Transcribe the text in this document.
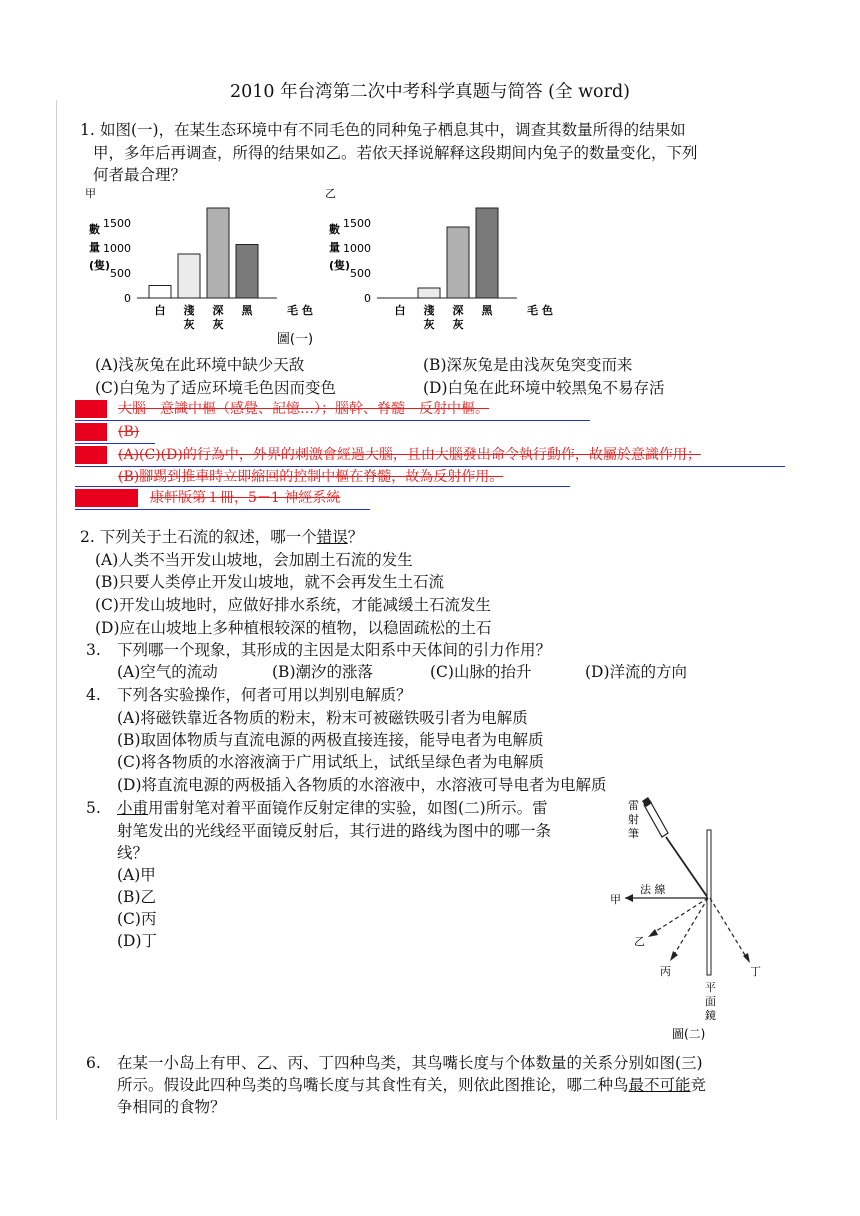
2010 年台湾第二次中考科学真题与简答 (全 word)
1. 如图(一)，在某生态环境中有不同毛色的同种兔子栖息其中，调查其数量所得的结果如
甲，多年后再调查，所得的结果如乙。若依天择说解释这段期间内兔子的数量变化，下列
何者最合理？
甲
數
量
(隻)
0
500
1000
1500
白 淺
灰
深
灰
黑	毛色
乙
數
量
(隻)
0
500
1000
1500
白 淺
灰
深
灰
黑	毛色
圖(一)
(A)浅灰兔在此环境中缺少天敌	(B)深灰兔是由浅灰兔突变而来
(C)白兔为了适应环境毛色因而变色	(D)白兔在此环境中较黑兔不易存活
大腦　意識中樞（感覺、記憶…）；腦幹、脊髓　反射中樞。
(B)
(A)(C)(D)的行為中，外界的刺激會經過大腦，且由大腦發出命令執行動作，故屬於意識作用；
(B)腳踢到推車時立即縮回的控制中樞在脊髓，故為反射作用。
康軒版第１冊，5－1 神經系統
2. 下列关于土石流的叙述，哪一个错误？
(A)人类不当开发山坡地，会加剧土石流的发生
(B)只要人类停止开发山坡地，就不会再发生土石流
(C)开发山坡地时，应做好排水系统，才能减缓土石流发生
(D)应在山坡地上多种植根较深的植物，以稳固疏松的土石
3. 下列哪一个现象，其形成的主因是太阳系中天体间的引力作用？
(A)空气的流动	(B)潮汐的涨落	(C)山脉的抬升	(D)洋流的方向
4. 下列各实验操作，何者可用以判别电解质？
(A)将磁铁靠近各物质的粉末，粉末可被磁铁吸引者为电解质
(B)取固体物质与直流电源的两极直接连接，能导电者为电解质
(C)将各物质的水溶液滴于广用试纸上，试纸呈绿色者为电解质
(D)将直流电源的两极插入各物质的水溶液中，水溶液可导电者为电解质
5. 小甫用雷射笔对着平面镜作反射定律的实验，如图(二)所示。雷
射笔发出的光线经平面镜反射后，其行进的路线为图中的哪一条
线？
(A)甲
(B)乙
(C)丙
(D)丁
雷
射
筆
法 線
甲
乙
丙	丁
平
面
鏡
圖(二)
6. 在某一小岛上有甲、乙、丙、丁四种鸟类，其鸟嘴长度与个体数量的关系分别如图(三)
所示。假设此四种鸟类的鸟嘴长度与其食性有关，则依此图推论，哪二种鸟最不可能竞
争相同的食物？
